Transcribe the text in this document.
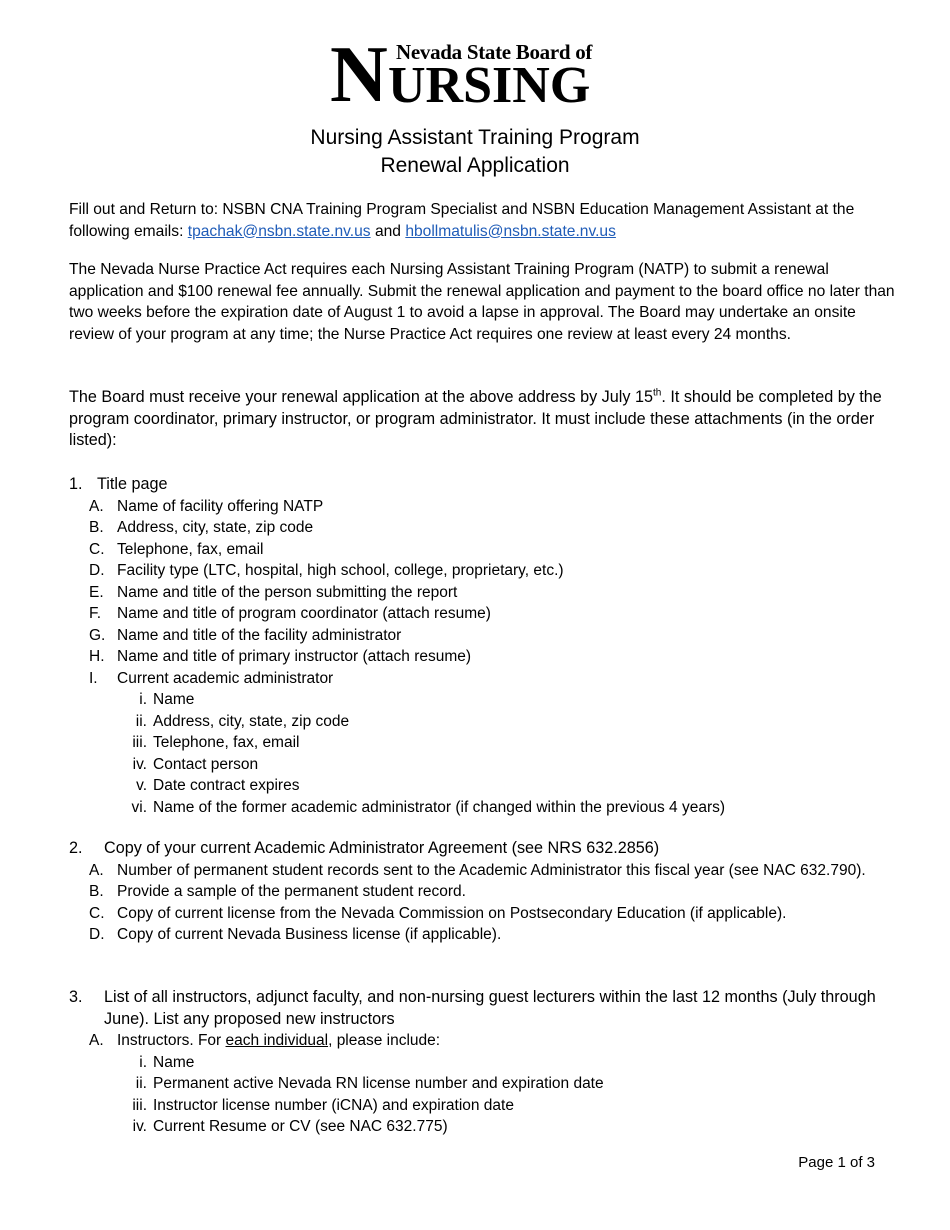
N Nevada State Board of
URSING
Nursing Assistant Training Program
Renewal Application
Fill out and Return to: NSBN CNA Training Program Specialist and NSBN Education Management Assistant at the following emails: tpachak@nsbn.state.nv.us and hbollmatulis@nsbn.state.nv.us
The Nevada Nurse Practice Act requires each Nursing Assistant Training Program (NATP) to submit a renewal application and $100 renewal fee annually. Submit the renewal application and payment to the board office no later than two weeks before the expiration date of August 1 to avoid a lapse in approval. The Board may undertake an onsite review of your program at any time; the Nurse Practice Act requires one review at least every 24 months.
The Board must receive your renewal application at the above address by July 15th. It should be completed by the program coordinator, primary instructor, or program administrator. It must include these attachments (in the order listed):
1. Title page
A. Name of facility offering NATP
B. Address, city, state, zip code
C. Telephone, fax, email
D. Facility type (LTC, hospital, high school, college, proprietary, etc.)
E. Name and title of the person submitting the report
F.	Name and title of program coordinator (attach resume)
G. Name and title of the facility administrator
H. Name and title of primary instructor (attach resume)
I.	Current academic administrator
i. Name
ii. Address, city, state, zip code
iii. Telephone, fax, email
iv. Contact person
v. Date contract expires
vi. Name of the former academic administrator (if changed within the previous 4 years)
2. Copy of your current Academic Administrator Agreement (see NRS 632.2856)
A. Number of permanent student records sent to the Academic Administrator this fiscal year (see NAC 632.790).
B. Provide a sample of the permanent student record.
C. Copy of current license from the Nevada Commission on Postsecondary Education (if applicable).
D. Copy of current Nevada Business license (if applicable).
3.	List of all instructors, adjunct faculty, and non-nursing guest lecturers within the last 12 months (July through June). List any proposed new instructors
A. Instructors. For each individual, please include:
i. Name
ii. Permanent active Nevada RN license number and expiration date
iii. Instructor license number (iCNA) and expiration date
iv. Current Resume or CV (see NAC 632.775)
Page 1 of 3
